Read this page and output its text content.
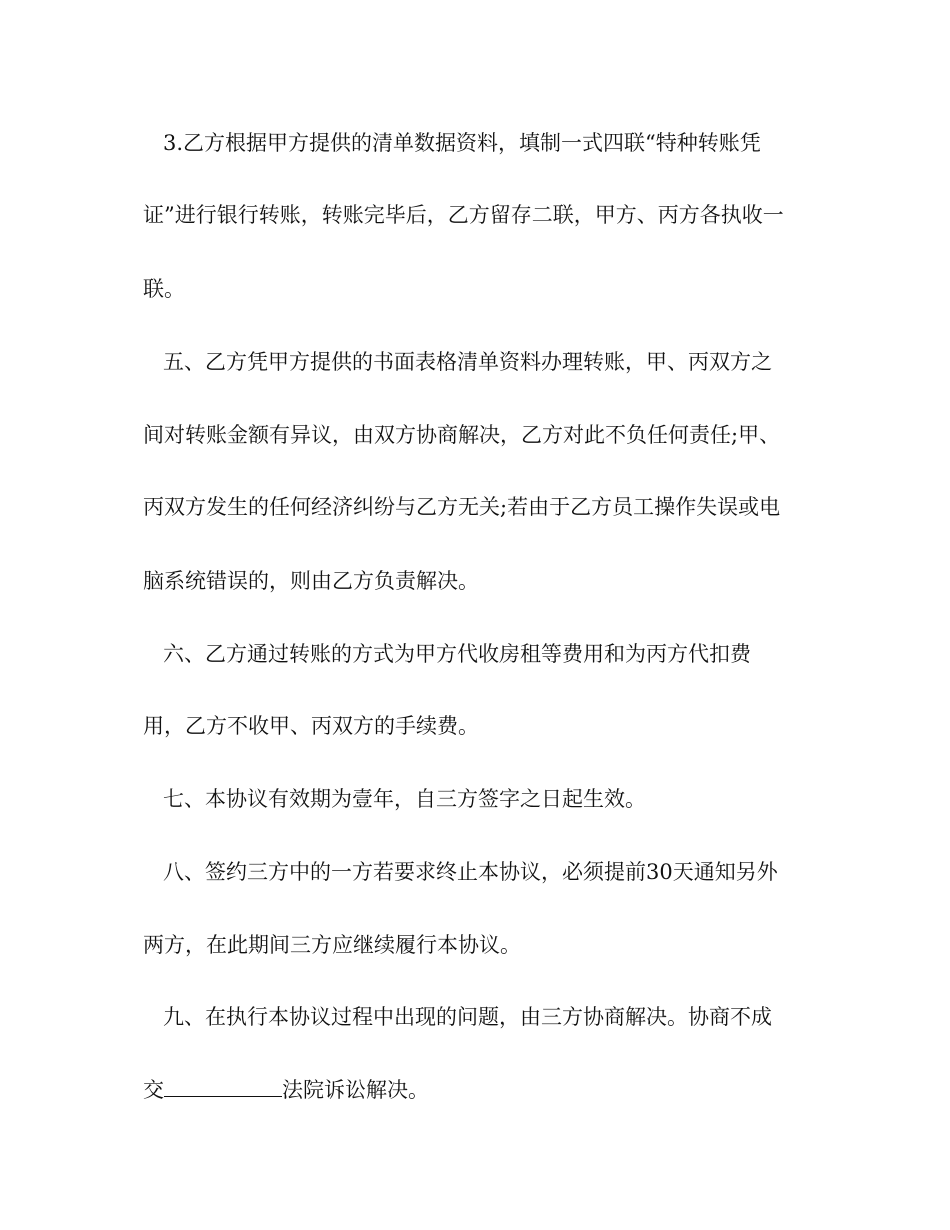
3.乙方根据甲方提供的清单数据资料，填制一式四联“特种转账凭

证”进行银行转账，转账完毕后，乙方留存二联，甲方、丙方各执收一

联。

五、乙方凭甲方提供的书面表格清单资料办理转账，甲、丙双方之

间对转账金额有异议，由双方协商解决，乙方对此不负任何责任;甲、

丙双方发生的任何经济纠纷与乙方无关;若由于乙方员工操作失误或电

脑系统错误的，则由乙方负责解决。

六、乙方通过转账的方式为甲方代收房租等费用和为丙方代扣费

用，乙方不收甲、丙双方的手续费。

七、本协议有效期为壹年，自三方签字之日起生效。

八、签约三方中的一方若要求终止本协议，必须提前30天通知另外

两方，在此期间三方应继续履行本协议。

九、在执行本协议过程中出现的问题，由三方协商解决。协商不成

交	法院诉讼解决。
